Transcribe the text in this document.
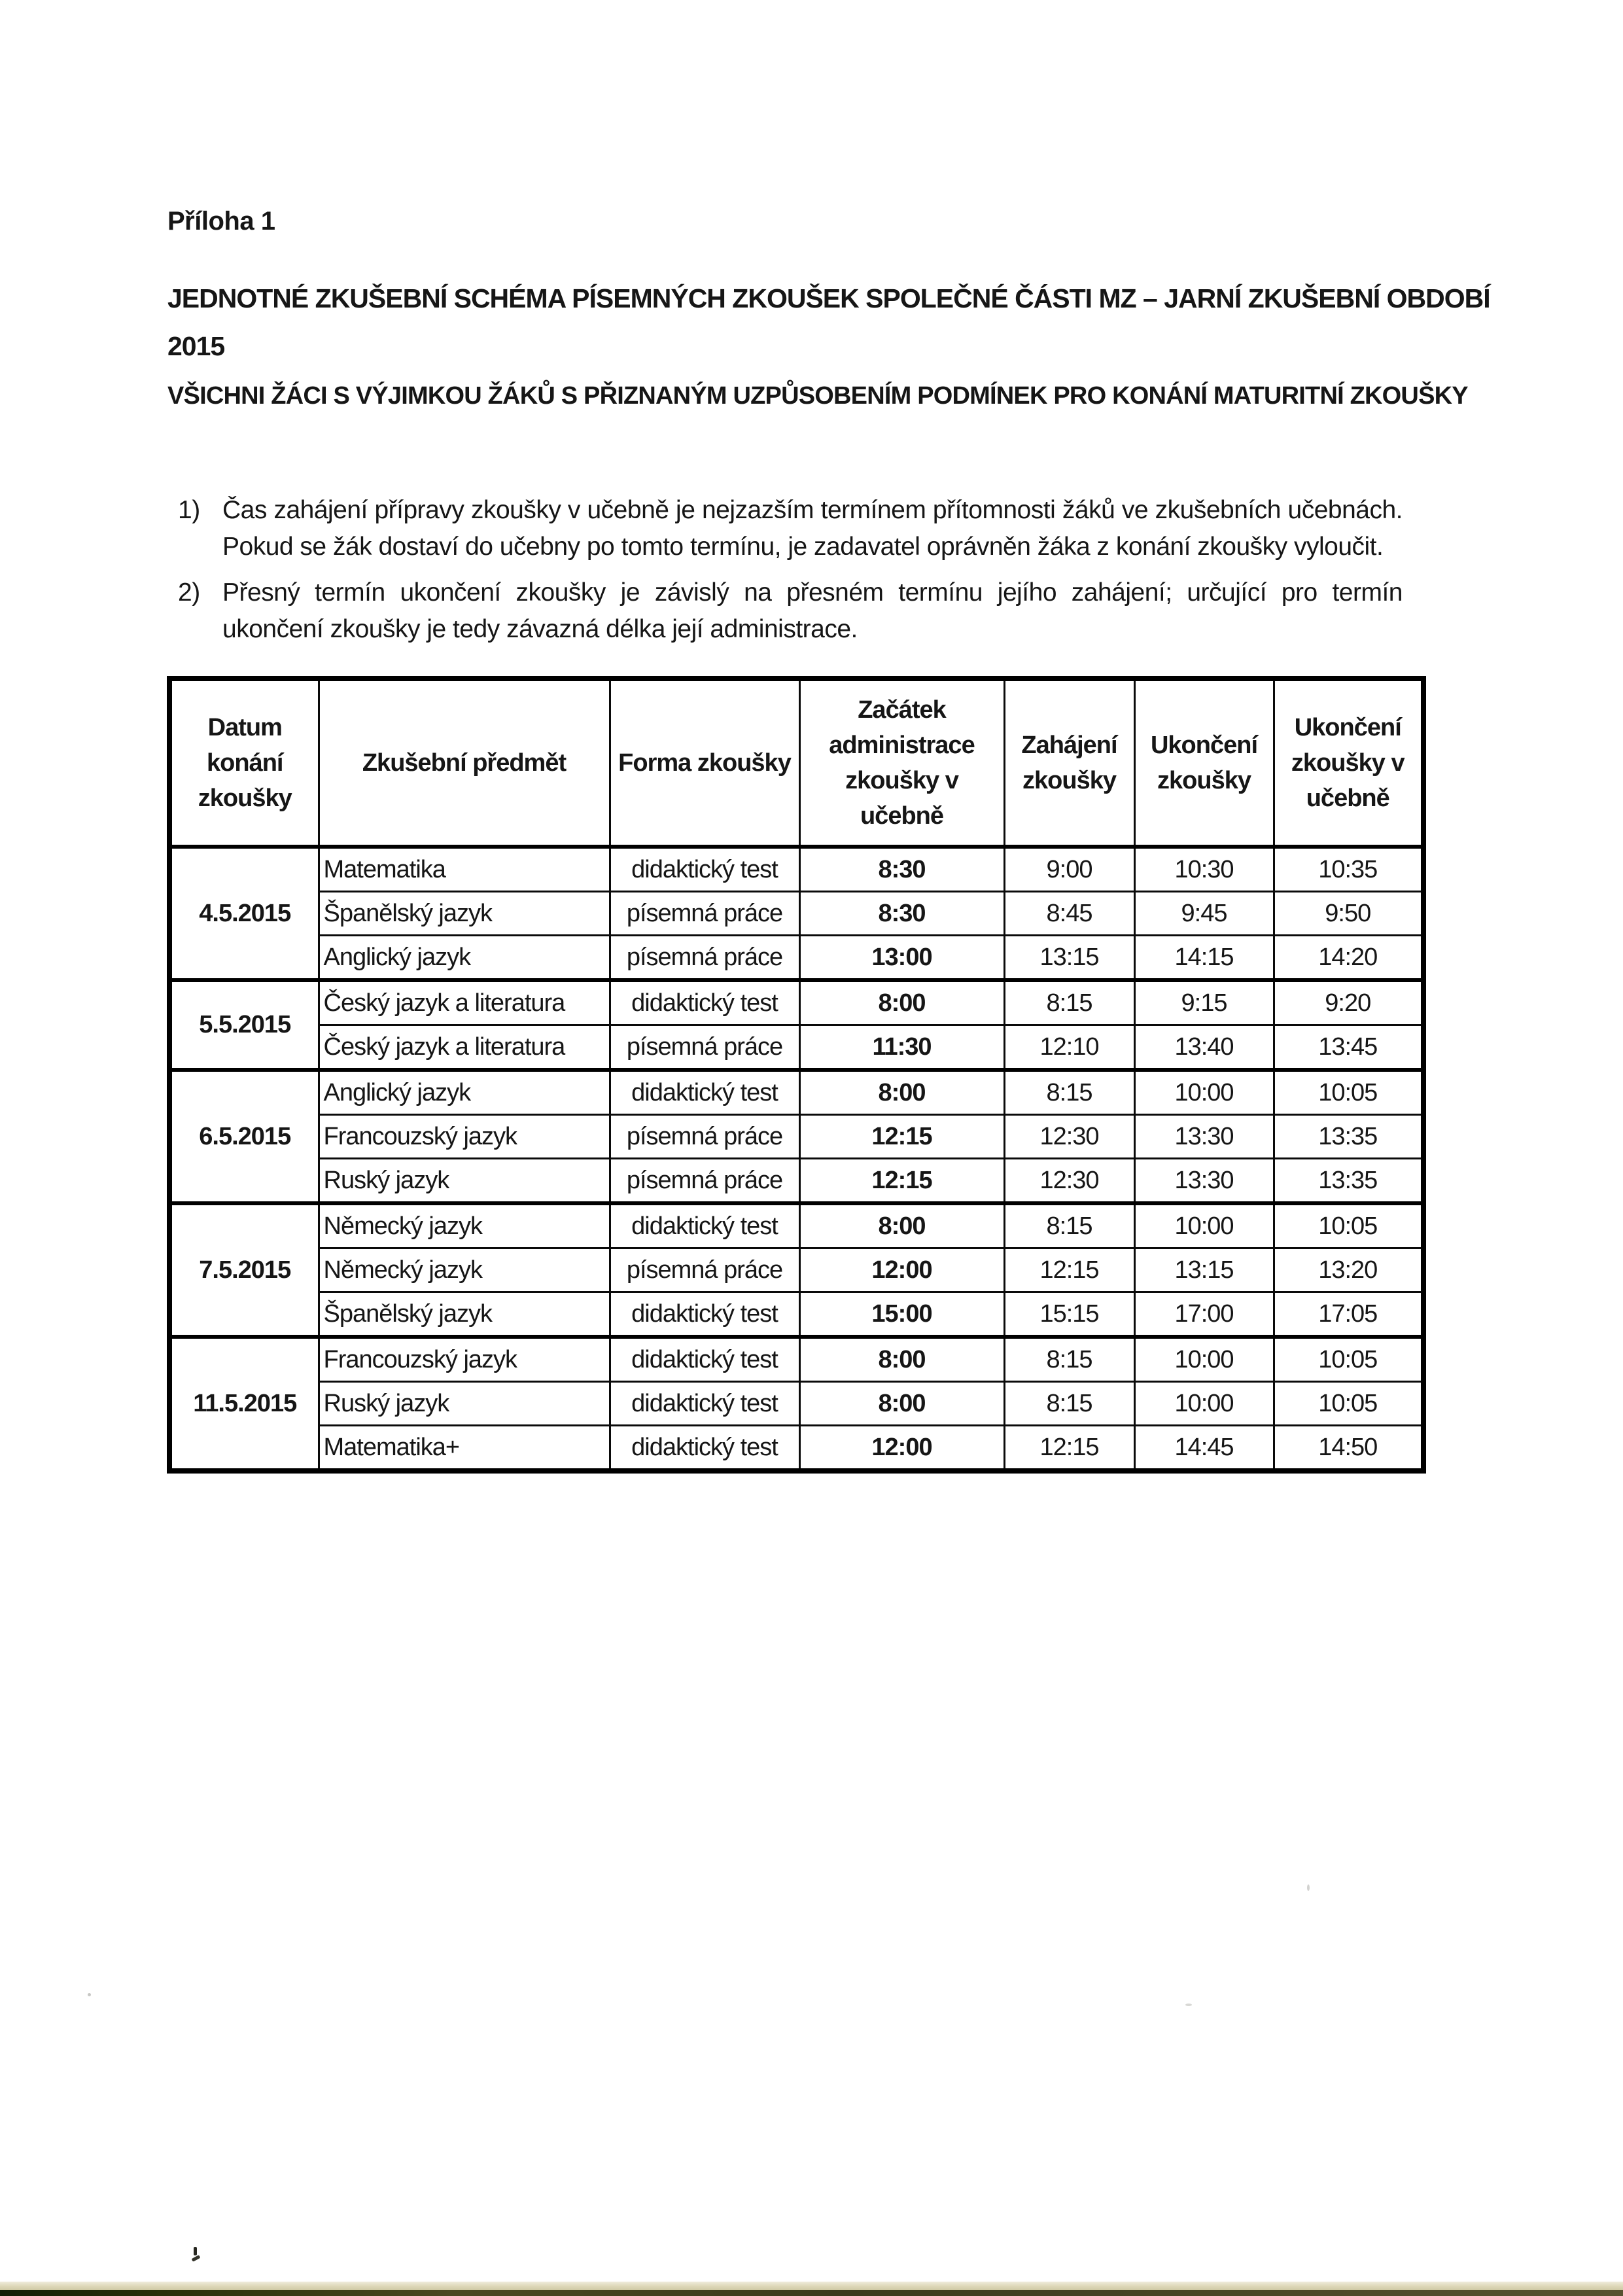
Příloha 1
JEDNOTNÉ ZKUŠEBNÍ SCHÉMA PÍSEMNÝCH ZKOUŠEK SPOLEČNÉ ČÁSTI MZ – JARNÍ ZKUŠEBNÍ OBDOBÍ
2015
VŠICHNI ŽÁCI S VÝJIMKOU ŽÁKŮ S PŘIZNANÝM UZPŮSOBENÍM PODMÍNEK PRO KONÁNÍ MATURITNÍ ZKOUŠKY
1) Čas zahájení přípravy zkoušky v učebně je nejzazším termínem přítomnosti žáků ve zkušebních učebnách. Pokud se žák dostaví do učebny po tomto termínu, je zadavatel oprávněn žáka z konání zkoušky vyloučit.
2) Přesný termín ukončení zkoušky je závislý na přesném termínu jejího zahájení; určující pro termín ukončení zkoušky je tedy závazná délka její administrace.
Datum konání zkoušky	Zkušební předmět	Forma zkoušky	Začátek administrace zkoušky v učebně	Zahájení zkoušky	Ukončení zkoušky	Ukončení zkoušky v učebně
4.5.2015	Matematika	didaktický test	8:30	9:00	10:30	10:35
	Španělský jazyk	písemná práce	8:30	8:45	9:45	9:50
	Anglický jazyk	písemná práce	13:00	13:15	14:15	14:20
5.5.2015	Český jazyk a literatura	didaktický test	8:00	8:15	9:15	9:20
	Český jazyk a literatura	písemná práce	11:30	12:10	13:40	13:45
6.5.2015	Anglický jazyk	didaktický test	8:00	8:15	10:00	10:05
	Francouzský jazyk	písemná práce	12:15	12:30	13:30	13:35
	Ruský jazyk	písemná práce	12:15	12:30	13:30	13:35
7.5.2015	Německý jazyk	didaktický test	8:00	8:15	10:00	10:05
	Německý jazyk	písemná práce	12:00	12:15	13:15	13:20
	Španělský jazyk	didaktický test	15:00	15:15	17:00	17:05
11.5.2015	Francouzský jazyk	didaktický test	8:00	8:15	10:00	10:05
	Ruský jazyk	didaktický test	8:00	8:15	10:00	10:05
	Matematika+	didaktický test	12:00	12:15	14:45	14:50
